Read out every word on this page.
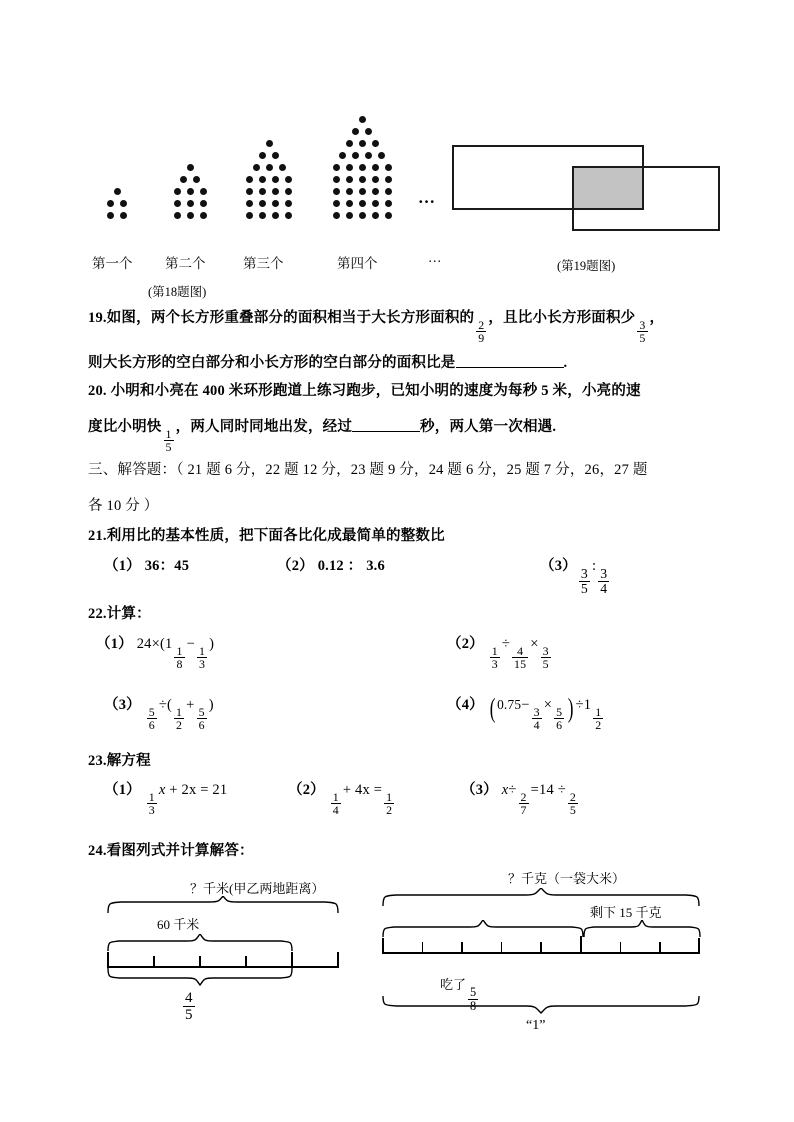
…
第一个 第二个	第三个	第四个	…
(第18题图)
(第19题图)
19.如图，两个长方形重叠部分的面积相当于大长方形面积的
$\frac{2}{9}$
，且比小长方形面积少
$\frac{3}{5}$
，
则大长方形的空白部分和小长方形的空白部分的面积比是	.
20. 小明和小亮在 400 米环形跑道上练习跑步，已知小明的速度为每秒 5 米，小亮的速
度比小明快
$\frac{1}{5}$
，两人同时同地出发，经过	秒，两人第一次相遇.
三、解答题：（ 21 题 6 分，22 题 12 分，23 题 9 分，24 题 6 分，25 题 7 分，26，27 题
各 10 分 ）
21.利用比的基本性质，把下面各比化成最简单的整数比
（1） 36：45	（2） 0.12 ： 3.6	（3）
$\frac{3}{5}$
:
$\frac{3}{4}$
22.计算：
（1） 24×(1
$\frac{1}{8}$
−
$\frac{1}{3}$
)	（2）
$\frac{1}{3}$
÷
$\frac{4}{15}$
×
$\frac{3}{5}$
（3）
$\frac{5}{6}$
÷(
$\frac{1}{2}$
+
$\frac{5}{6}$
)	（4） ( 0.75−
$\frac{3}{4}$
×
$\frac{5}{6}$ ) ÷1
$\frac{1}{2}$
23.解方程
（1）
$\frac{1}{3}$
x + 2x = 21	（2）
$\frac{1}{4}$
+ 4x =
$\frac{1}{2}$
（3） x÷
$\frac{2}{7}$
=14 ÷
$\frac{2}{5}$
24.看图列式并计算解答：
？千米(甲乙两地距离）
60 千米
$\frac{4}{5}$
？千克（一袋大米）
剩下 15 千克
吃了
$\frac{5}{8}$
“1”
